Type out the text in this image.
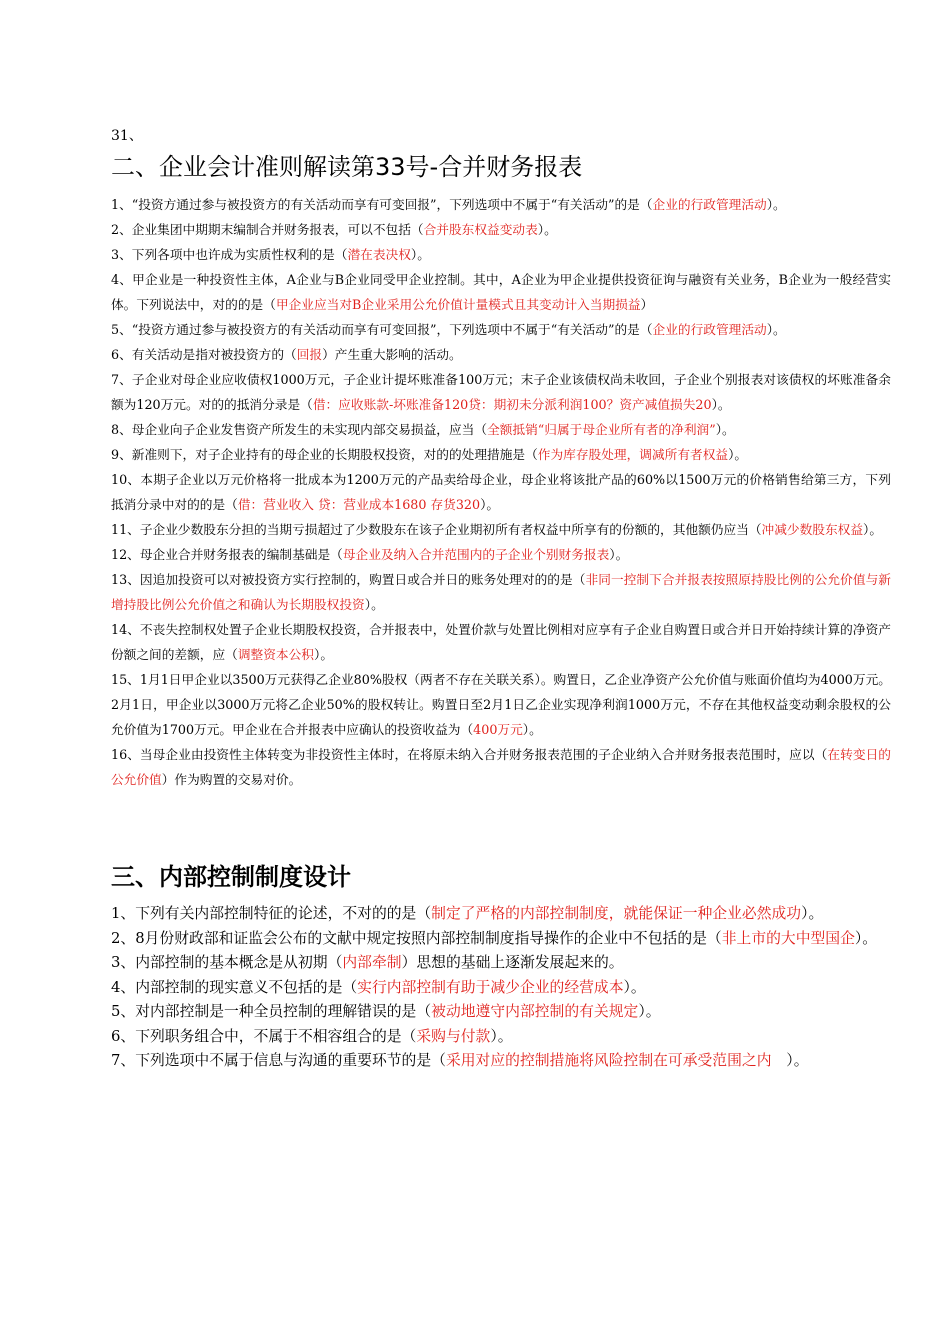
31、

二、企业会计准则解读第33号-合并财务报表

1、“投资方通过参与被投资方的有关活动而享有可变回报”，下列选项中不属于“有关活动”的是（企业的行政管理活动）。

2、企业集团中期期末编制合并财务报表，可以不包括（合并股东权益变动表）。

3、下列各项中也许成为实质性权利的是（潜在表决权）。

4、甲企业是一种投资性主体，A企业与B企业同受甲企业控制。其中，A企业为甲企业提供投资征询与融资有关业务，B企业为一般经营实体。下列说法中，对的的是（甲企业应当对B企业采用公允价值计量模式且其变动计入当期损益）

5、“投资方通过参与被投资方的有关活动而享有可变回报”，下列选项中不属于“有关活动”的是（企业的行政管理活动）。

6、有关活动是指对被投资方的（回报）产生重大影响的活动。

7、子企业对母企业应收债权1000万元，子企业计提坏账准备100万元；末子企业该债权尚未收回，子企业个别报表对该债权的坏账准备余额为120万元。对的的抵消分录是（借：应收账款-坏账准备120贷：期初未分派利润100？资产减值损失20）。

8、母企业向子企业发售资产所发生的未实现内部交易损益，应当（全额抵销“归属于母企业所有者的净利润”）。

9、新准则下，对子企业持有的母企业的长期股权投资，对的的处理措施是（作为库存股处理，调减所有者权益）。

10、本期子企业以万元价格将一批成本为1200万元的产品卖给母企业，母企业将该批产品的60%以1500万元的价格销售给第三方，下列抵消分录中对的的是（借：营业收入 贷：营业成本1680 存货320）。

11、子企业少数股东分担的当期亏损超过了少数股东在该子企业期初所有者权益中所享有的份额的，其他额仍应当（冲减少数股东权益）。

12、母企业合并财务报表的编制基础是（母企业及纳入合并范围内的子企业个别财务报表）。

13、因追加投资可以对被投资方实行控制的，购置日或合并日的账务处理对的的是（非同一控制下合并报表按照原持股比例的公允价值与新增持股比例公允价值之和确认为长期股权投资）。

14、不丧失控制权处置子企业长期股权投资，合并报表中，处置价款与处置比例相对应享有子企业自购置日或合并日开始持续计算的净资产份额之间的差额，应（调整资本公积）。

15、1月1日甲企业以3500万元获得乙企业80%股权（两者不存在关联关系）。购置日，乙企业净资产公允价值与账面价值均为4000万元。2月1日，甲企业以3000万元将乙企业50%的股权转让。购置日至2月1日乙企业实现净利润1000万元，不存在其他权益变动剩余股权的公允价值为1700万元。甲企业在合并报表中应确认的投资收益为（400万元）。

16、当母企业由投资性主体转变为非投资性主体时，在将原未纳入合并财务报表范围的子企业纳入合并财务报表范围时，应以（在转变日的公允价值）作为购置的交易对价。

三、内部控制制度设计

1、下列有关内部控制特征的论述，不对的的是（制定了严格的内部控制制度，就能保证一种企业必然成功）。

2、8月份财政部和证监会公布的文献中规定按照内部控制制度指导操作的企业中不包括的是（非上市的大中型国企）。

3、内部控制的基本概念是从初期（内部牵制）思想的基础上逐渐发展起来的。

4、内部控制的现实意义不包括的是（实行内部控制有助于减少企业的经营成本）。

5、对内部控制是一种全员控制的理解错误的是（被动地遵守内部控制的有关规定）。

6、下列职务组合中，不属于不相容组合的是（采购与付款）。

7、下列选项中不属于信息与沟通的重要环节的是（采用对应的控制措施将风险控制在可承受范围之内　）。
